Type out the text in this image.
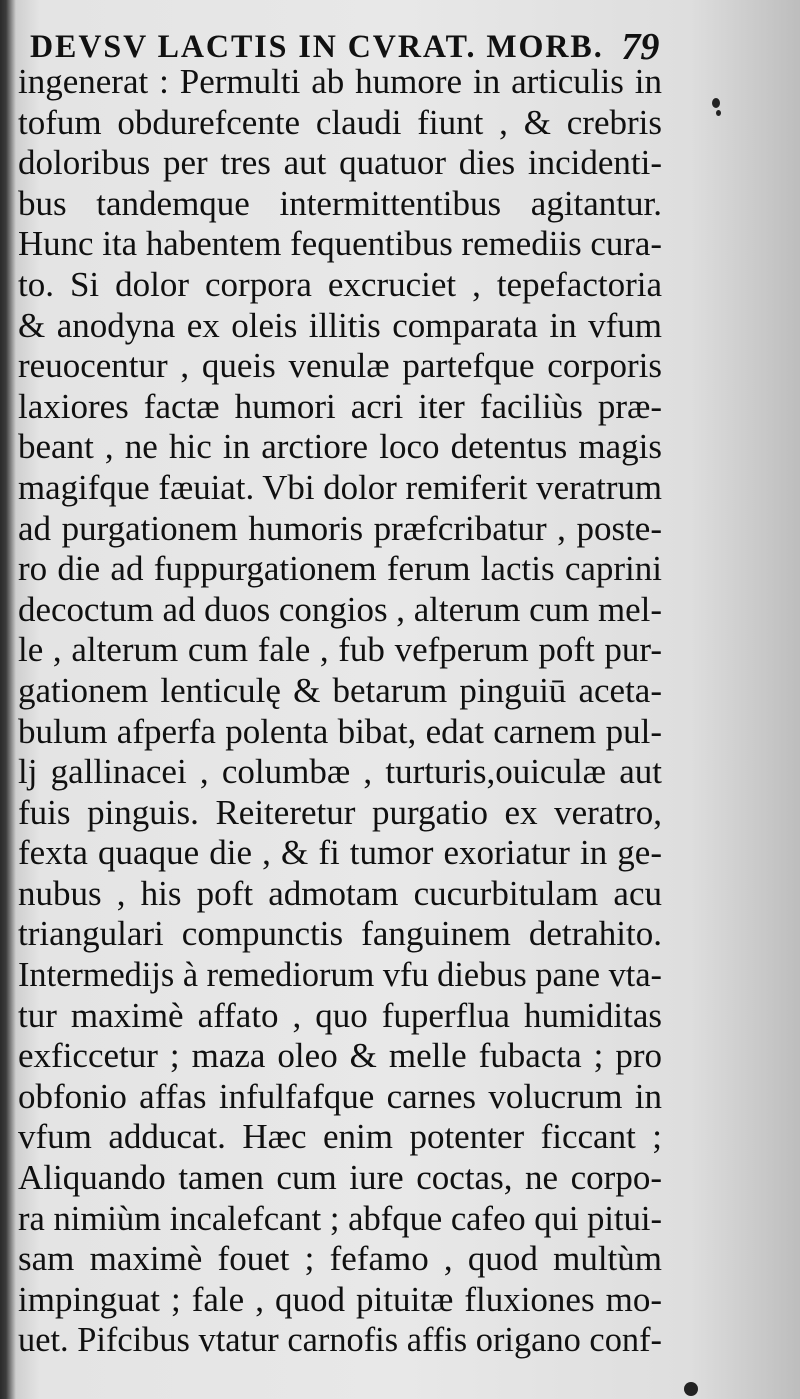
DEVSV LACTIS IN CVRAT. MORB. 79
ingenerat : Permulti ab humore in articulis in
tofum obdurefcente claudi fiunt , & crebris
doloribus per tres aut quatuor dies incidenti-
bus tandemque intermittentibus agitantur.
Hunc ita habentem fequentibus remediis cura-
to. Si dolor corpora excruciet , tepefactoria
& anodyna ex oleis illitis comparata in vfum
reuocentur , queis venulæ partefque corporis
laxiores factæ humori acri iter faciliùs præ-
beant , ne hic in arctiore loco detentus magis
magifque fæuiat. Vbi dolor remiferit veratrum
ad purgationem humoris præfcribatur , poste-
ro die ad fuppurgationem ferum lactis caprini
decoctum ad duos congios , alterum cum mel-
le , alterum cum fale , fub vefperum poft pur-
gationem lenticulę & betarum pinguiū aceta-
bulum afperfa polenta bibat, edat carnem pul-
lj gallinacei , columbæ , turturis,ouiculæ aut
fuis pinguis. Reiteretur purgatio ex veratro,
fexta quaque die , & fi tumor exoriatur in ge-
nubus , his poft admotam cucurbitulam acu
triangulari compunctis fanguinem detrahito.
Intermedijs à remediorum vfu diebus pane vta-
tur maximè affato , quo fuperflua humiditas
exficcetur ; maza oleo & melle fubacta ; pro
obfonio affas infulfafque carnes volucrum in
vfum adducat. Hæc enim potenter ficcant ;
Aliquando tamen cum iure coctas, ne corpo-
ra nimiùm incalefcant ; abfque cafeo qui pitui-
sam maximè fouet ; fefamo , quod multùm
impinguat ; fale , quod pituitæ fluxiones mo-
uet. Pifcibus vtatur carnofis affis origano conf-
